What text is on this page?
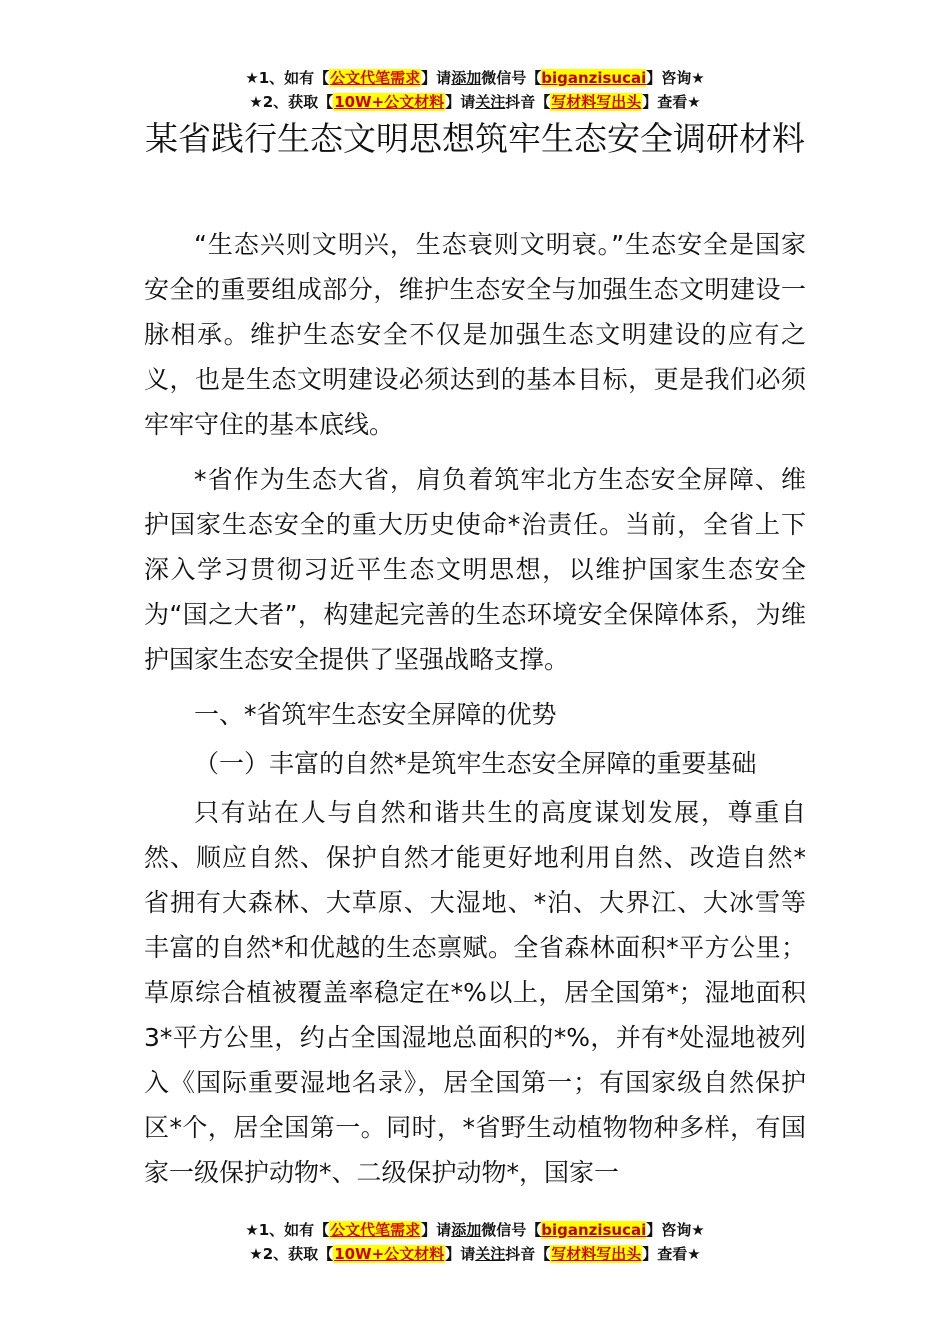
★1、如有【公文代笔需求】请添加微信号【biganzisucai】咨询★
★2、获取【10W+公文材料】请关注抖音【写材料写出头】查看★
某省践行生态文明思想筑牢生态安全调研材料

“生态兴则文明兴，生态衰则文明衰。”生态安全是国家安全的重要组成部分，维护生态安全与加强生态文明建设一脉相承。维护生态安全不仅是加强生态文明建设的应有之义，也是生态文明建设必须达到的基本目标，更是我们必须牢牢守住的基本底线。

*省作为生态大省，肩负着筑牢北方生态安全屏障、维护国家生态安全的重大历史使命*治责任。当前，全省上下深入学习贯彻习近平生态文明思想，以维护国家生态安全为“国之大者”，构建起完善的生态环境安全保障体系，为维护国家生态安全提供了坚强战略支撑。

一、*省筑牢生态安全屏障的优势

（一）丰富的自然*是筑牢生态安全屏障的重要基础

只有站在人与自然和谐共生的高度谋划发展，尊重自然、顺应自然、保护自然才能更好地利用自然、改造自然*省拥有大森林、大草原、大湿地、*泊、大界江、大冰雪等丰富的自然*和优越的生态禀赋。全省森林面积*平方公里；草原综合植被覆盖率稳定在*%以上，居全国第*；湿地面积 3*平方公里，约占全国湿地总面积的*%，并有*处湿地被列入《国际重要湿地名录》，居全国第一；有国家级自然保护区*个，居全国第一。同时，*省野生动植物物种多样，有国家一级保护动物*、二级保护动物*，国家一

★1、如有【公文代笔需求】请添加微信号【biganzisucai】咨询★
★2、获取【10W+公文材料】请关注抖音【写材料写出头】查看★
